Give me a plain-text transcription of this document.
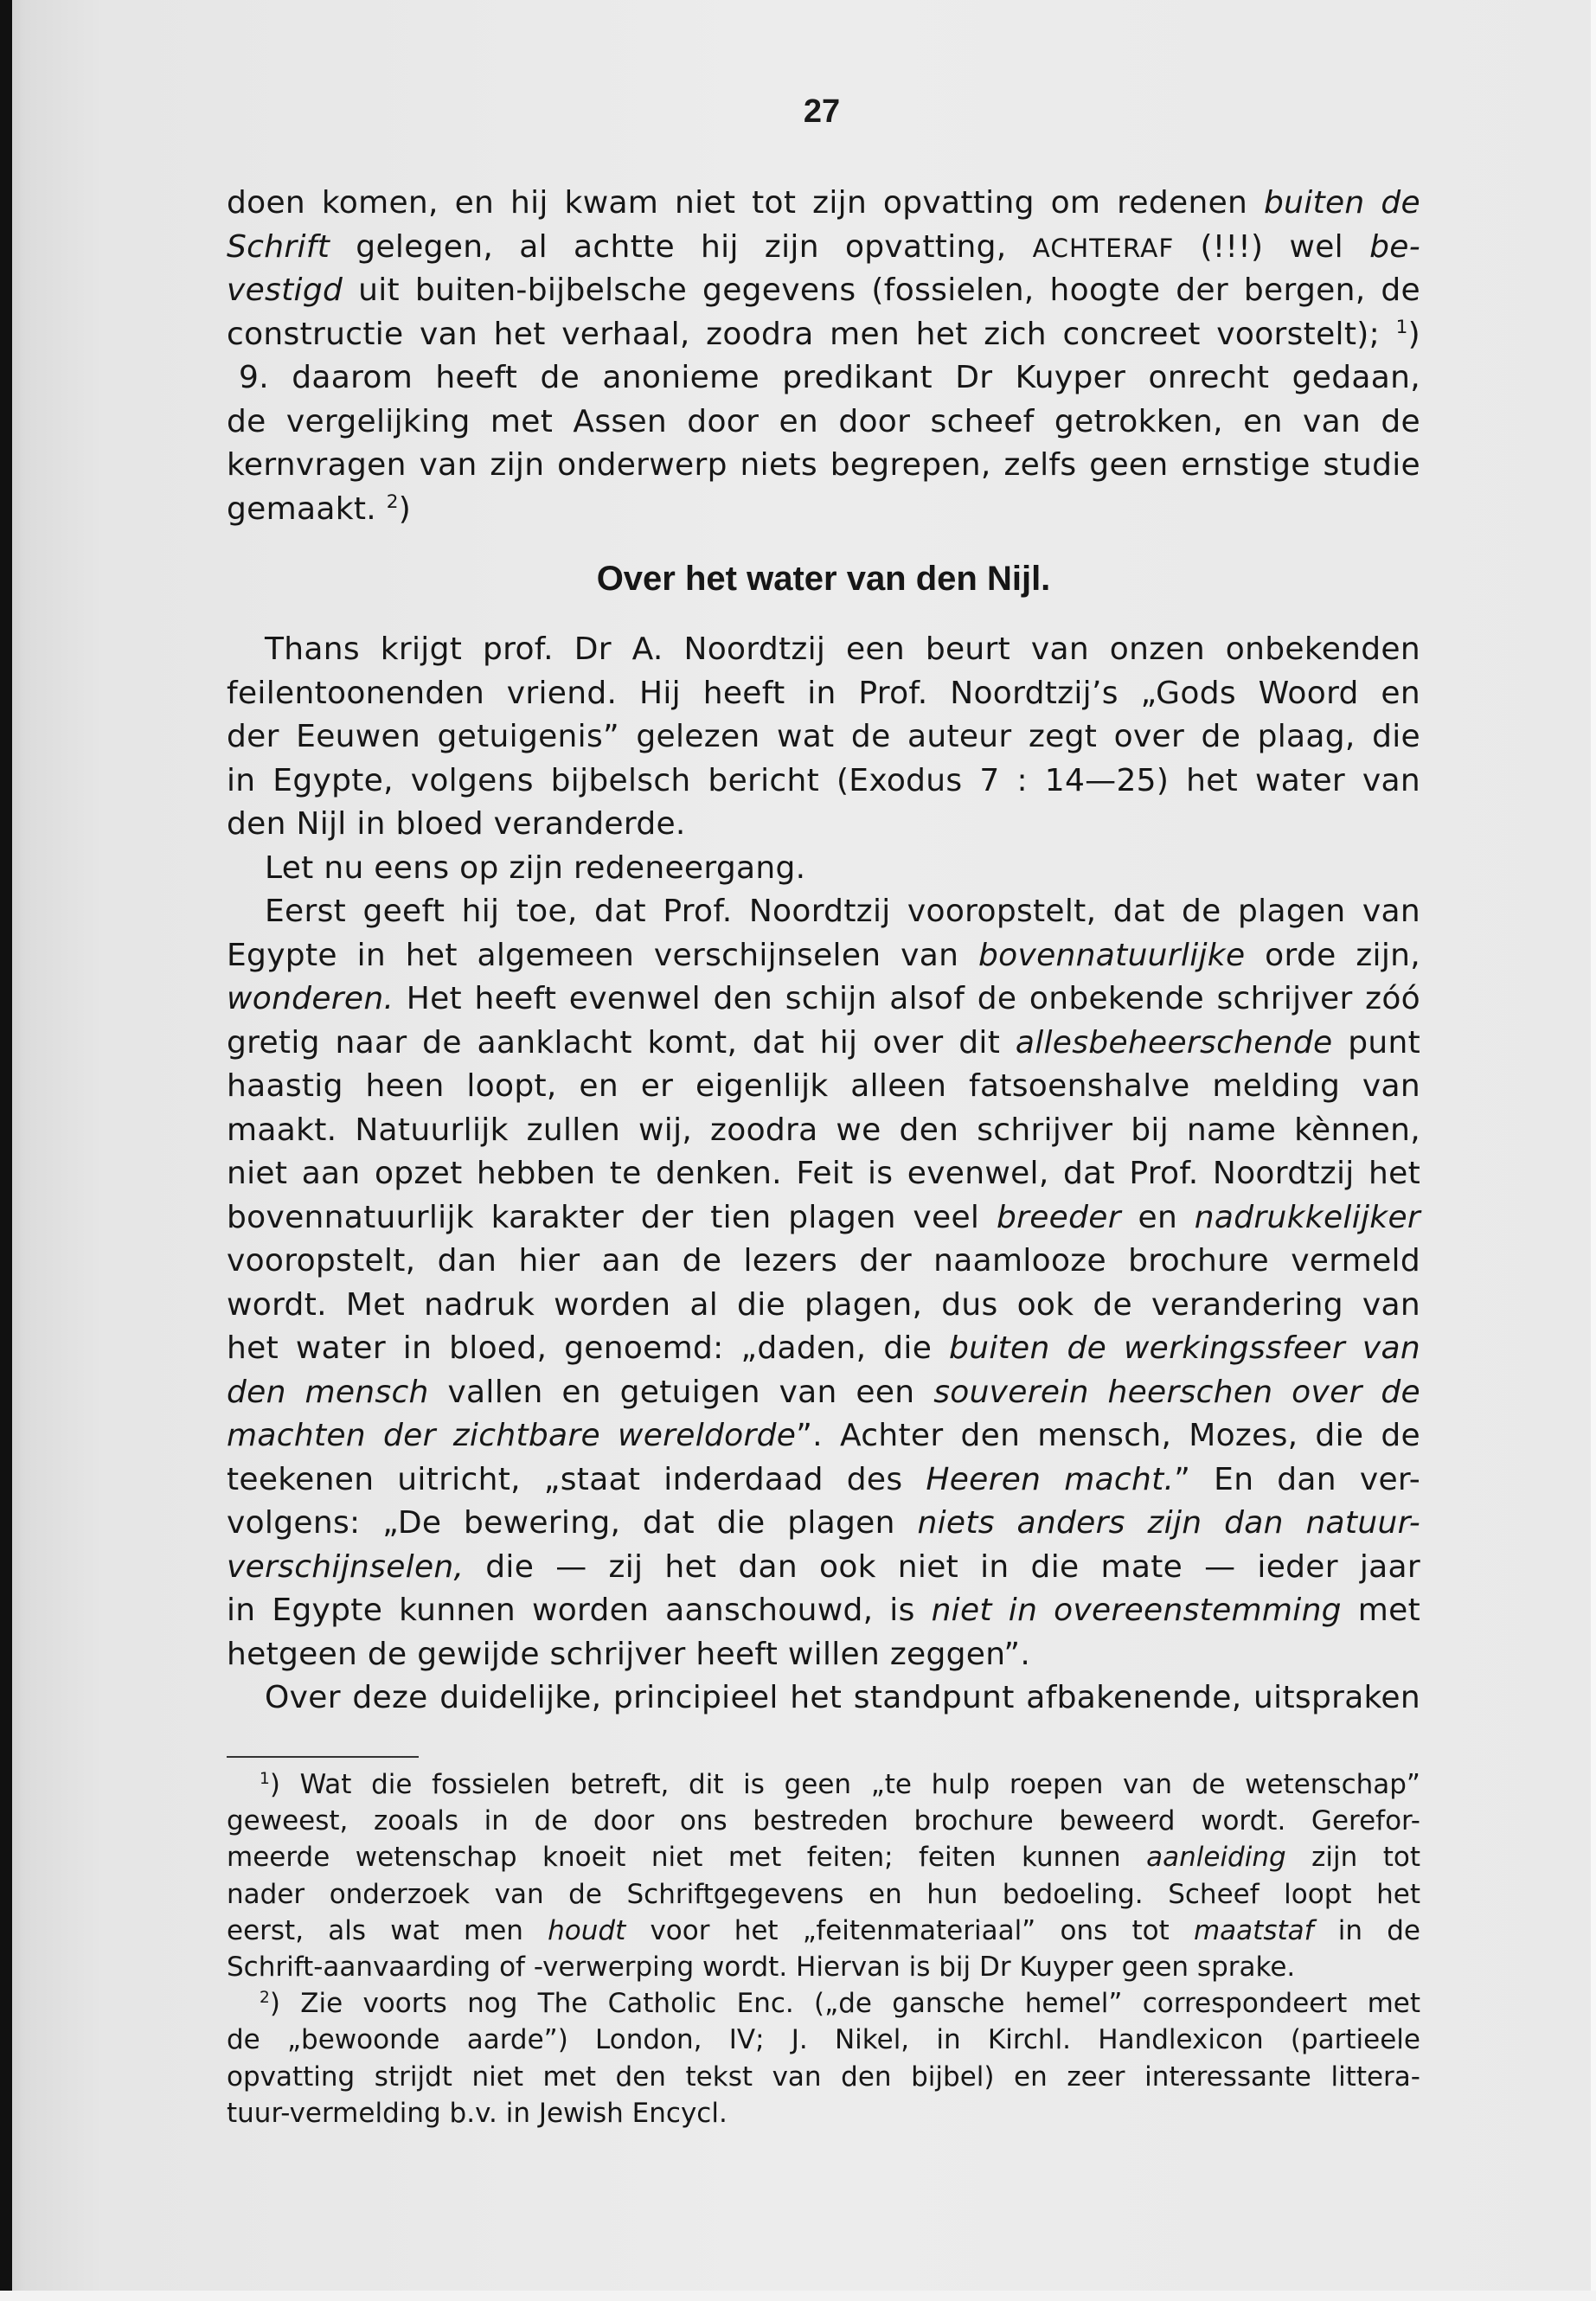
27
doen komen, en hij kwam niet tot zijn opvatting om redenen buiten de
Schrift gelegen, al achtte hij zijn opvatting, ACHTERAF (!!!) wel be-
vestigd uit buiten-bijbelsche gegevens (fossielen, hoogte der bergen, de
constructie van het verhaal, zoodra men het zich concreet voorstelt); $^1$)
9. daarom heeft de anonieme predikant Dr Kuyper onrecht gedaan,
de vergelijking met Assen door en door scheef getrokken, en van de
kernvragen van zijn onderwerp niets begrepen, zelfs geen ernstige studie
gemaakt. $^2$)
Over het water van den Nijl.
Thans krijgt prof. Dr A. Noordtzij een beurt van onzen onbekenden
feilentoonenden vriend. Hij heeft in Prof. Noordtzij’s „Gods Woord en
der Eeuwen getuigenis” gelezen wat de auteur zegt over de plaag, die
in Egypte, volgens bijbelsch bericht (Exodus 7 : 14—25) het water van
den Nijl in bloed veranderde.
Let nu eens op zijn redeneergang.
Eerst geeft hij toe, dat Prof. Noordtzij vooropstelt, dat de plagen van
Egypte in het algemeen verschijnselen van bovennatuurlijke orde zijn,
wonderen. Het heeft evenwel den schijn alsof de onbekende schrijver zóó
gretig naar de aanklacht komt, dat hij over dit allesbeheerschende punt
haastig heen loopt, en er eigenlijk alleen fatsoenshalve melding van
maakt. Natuurlijk zullen wij, zoodra we den schrijver bij name kènnen,
niet aan opzet hebben te denken. Feit is evenwel, dat Prof. Noordtzij het
bovennatuurlijk karakter der tien plagen veel breeder en nadrukkelijker
vooropstelt, dan hier aan de lezers der naamlooze brochure vermeld
wordt. Met nadruk worden al die plagen, dus ook de verandering van
het water in bloed, genoemd: „daden, die buiten de werkingssfeer van
den mensch vallen en getuigen van een souverein heerschen over de
machten der zichtbare wereldorde”. Achter den mensch, Mozes, die de
teekenen uitricht, „staat inderdaad des Heeren macht.” En dan ver-
volgens: „De bewering, dat die plagen niets anders zijn dan natuur-
verschijnselen, die — zij het dan ook niet in die mate — ieder jaar
in Egypte kunnen worden aanschouwd, is niet in overeenstemming met
hetgeen de gewijde schrijver heeft willen zeggen”.
Over deze duidelijke, principieel het standpunt afbakenende, uitspraken
$^1$) Wat die fossielen betreft, dit is geen „te hulp roepen van de wetenschap”
geweest, zooals in de door ons bestreden brochure beweerd wordt. Gerefor-
meerde wetenschap knoeit niet met feiten; feiten kunnen aanleiding zijn tot
nader onderzoek van de Schriftgegevens en hun bedoeling. Scheef loopt het
eerst, als wat men houdt voor het „feitenmateriaal” ons tot maatstaf in de
Schrift-aanvaarding of -verwerping wordt. Hiervan is bij Dr Kuyper geen sprake.
$^2$) Zie voorts nog The Catholic Enc. („de gansche hemel” correspondeert met
de „bewoonde aarde”) London, IV; J. Nikel, in Kirchl. Handlexicon (partieele
opvatting strijdt niet met den tekst van den bijbel) en zeer interessante littera-
tuur-vermelding b.v. in Jewish Encycl.
